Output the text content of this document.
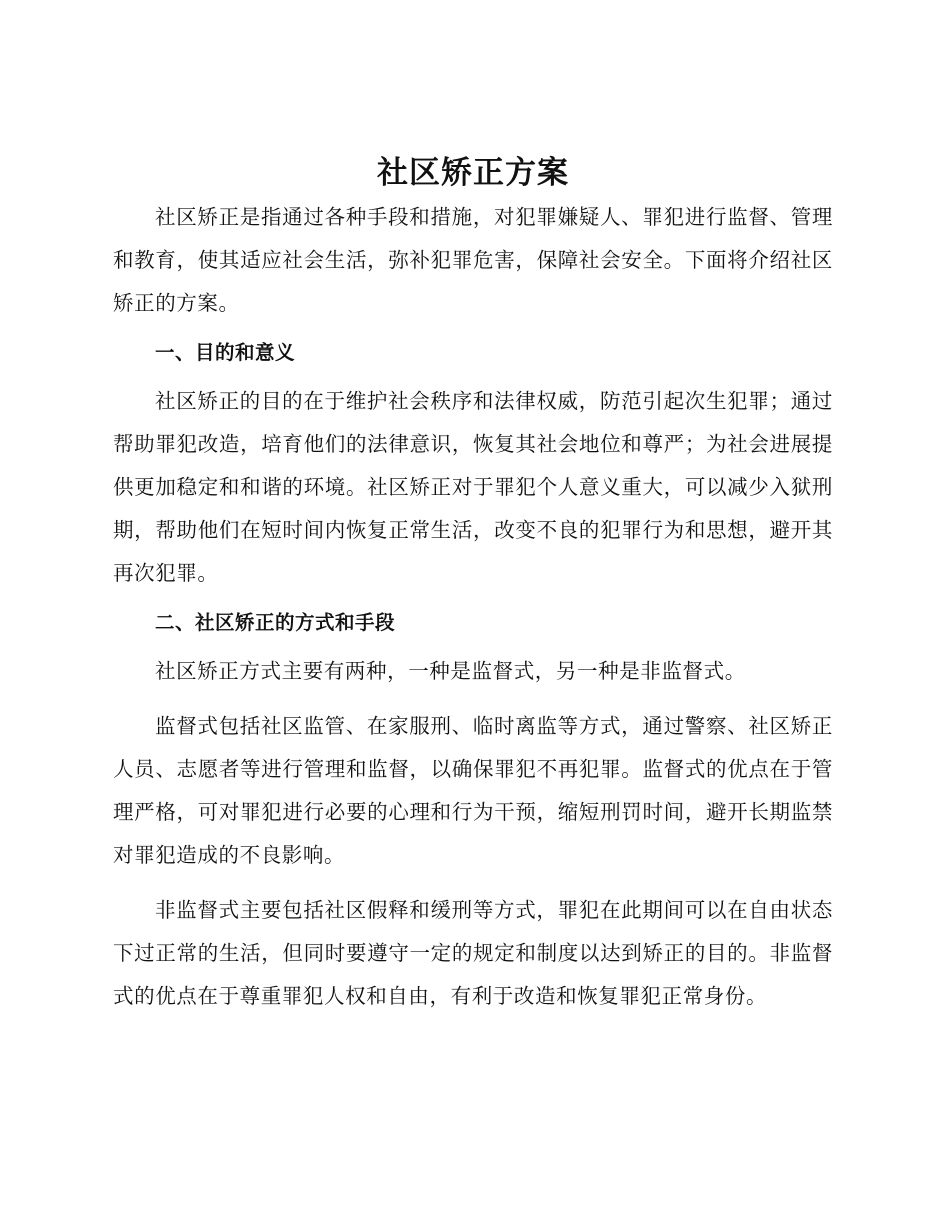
社区矫正方案

社区矫正是指通过各种手段和措施，对犯罪嫌疑人、罪犯进行监督、管理和教育，使其适应社会生活，弥补犯罪危害，保障社会安全。下面将介绍社区矫正的方案。

一、目的和意义

社区矫正的目的在于维护社会秩序和法律权威，防范引起次生犯罪；通过帮助罪犯改造，培育他们的法律意识，恢复其社会地位和尊严；为社会进展提供更加稳定和和谐的环境。社区矫正对于罪犯个人意义重大，可以减少入狱刑期，帮助他们在短时间内恢复正常生活，改变不良的犯罪行为和思想，避开其再次犯罪。

二、社区矫正的方式和手段

社区矫正方式主要有两种，一种是监督式，另一种是非监督式。

监督式包括社区监管、在家服刑、临时离监等方式，通过警察、社区矫正人员、志愿者等进行管理和监督，以确保罪犯不再犯罪。监督式的优点在于管理严格，可对罪犯进行必要的心理和行为干预，缩短刑罚时间，避开长期监禁对罪犯造成的不良影响。

非监督式主要包括社区假释和缓刑等方式，罪犯在此期间可以在自由状态下过正常的生活，但同时要遵守一定的规定和制度以达到矫正的目的。非监督式的优点在于尊重罪犯人权和自由，有利于改造和恢复罪犯正常身份。
